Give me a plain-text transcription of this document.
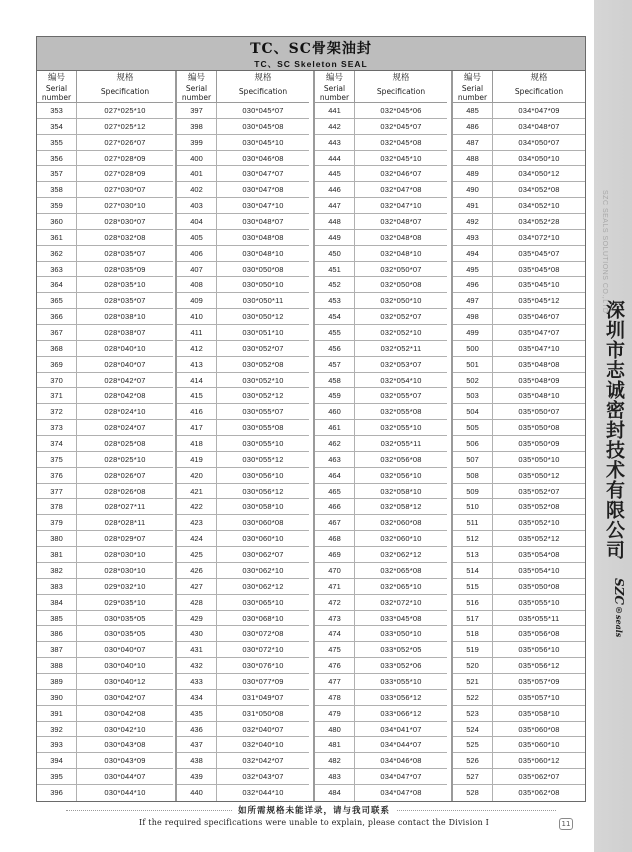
SZC SEALS SOLUTIONS CO.,LTD
深圳市志诚密封技术有限公司
SZC®seals
TC、SC骨架油封
TC、SC Skeleton SEAL
编号
Serial
number
规格
Specification
353	027*025*10
354	027*025*12
355	027*026*07
356	027*028*09
357	027*028*09
358	027*030*07
359	027*030*10
360	028*030*07
361	028*032*08
362	028*035*07
363	028*035*09
364	028*035*10
365	028*035*07
366	028*038*10
367	028*038*07
368	028*040*10
369	028*040*07
370	028*042*07
371	028*042*08
372	028*024*10
373	028*024*07
374	028*025*08
375	028*025*10
376	028*026*07
377	028*026*08
378	028*027*11
379	028*028*11
380	028*029*07
381	028*030*10
382	028*030*10
383	029*032*10
384	029*035*10
385	030*035*05
386	030*035*05
387	030*040*07
388	030*040*10
389	030*040*12
390	030*042*07
391	030*042*08
392	030*042*10
393	030*043*08
394	030*043*09
395	030*044*07
396	030*044*10
编号
Serial
number
规格
Specification
397	030*045*07
398	030*045*08
399	030*045*10
400	030*046*08
401	030*047*07
402	030*047*08
403	030*047*10
404	030*048*07
405	030*048*08
406	030*048*10
407	030*050*08
408	030*050*10
409	030*050*11
410	030*050*12
411	030*051*10
412	030*052*07
413	030*052*08
414	030*052*10
415	030*052*12
416	030*055*07
417	030*055*08
418	030*055*10
419	030*055*12
420	030*056*10
421	030*056*12
422	030*058*10
423	030*060*08
424	030*060*10
425	030*062*07
426	030*062*10
427	030*062*12
428	030*065*10
429	030*068*10
430	030*072*08
431	030*072*10
432	030*076*10
433	030*077*09
434	031*049*07
435	031*050*08
436	032*040*07
437	032*040*10
438	032*042*07
439	032*043*07
440	032*044*10
编号
Serial
number
规格
Specification
441	032*045*06
442	032*045*07
443	032*045*08
444	032*045*10
445	032*046*07
446	032*047*08
447	032*047*10
448	032*048*07
449	032*048*08
450	032*048*10
451	032*050*07
452	032*050*08
453	032*050*10
454	032*052*07
455	032*052*10
456	032*052*11
457	032*053*07
458	032*054*10
459	032*055*07
460	032*055*08
461	032*055*10
462	032*055*11
463	032*056*08
464	032*056*10
465	032*058*10
466	032*058*12
467	032*060*08
468	032*060*10
469	032*062*12
470	032*065*08
471	032*065*10
472	032*072*10
473	033*045*08
474	033*050*10
475	033*052*05
476	033*052*06
477	033*055*10
478	033*056*12
479	033*066*12
480	034*041*07
481	034*044*07
482	034*046*08
483	034*047*07
484	034*047*08
编号
Serial
number
规格
Specification
485	034*047*09
486	034*048*07
487	034*050*07
488	034*050*10
489	034*050*12
490	034*052*08
491	034*052*10
492	034*052*28
493	034*072*10
494	035*045*07
495	035*045*08
496	035*045*10
497	035*045*12
498	035*046*07
499	035*047*07
500	035*047*10
501	035*048*08
502	035*048*09
503	035*048*10
504	035*050*07
505	035*050*08
506	035*050*09
507	035*050*10
508	035*050*12
509	035*052*07
510	035*052*08
511	035*052*10
512	035*052*12
513	035*054*08
514	035*054*10
515	035*050*08
516	035*055*10
517	035*055*11
518	035*056*08
519	035*056*10
520	035*056*12
521	035*057*09
522	035*057*10
523	035*058*10
524	035*060*08
525	035*060*10
526	035*060*12
527	035*062*07
528	035*062*08
如所需规格未能详录，请与我司联系
If the required specifications were unable to explain, please contact the Division I	11
